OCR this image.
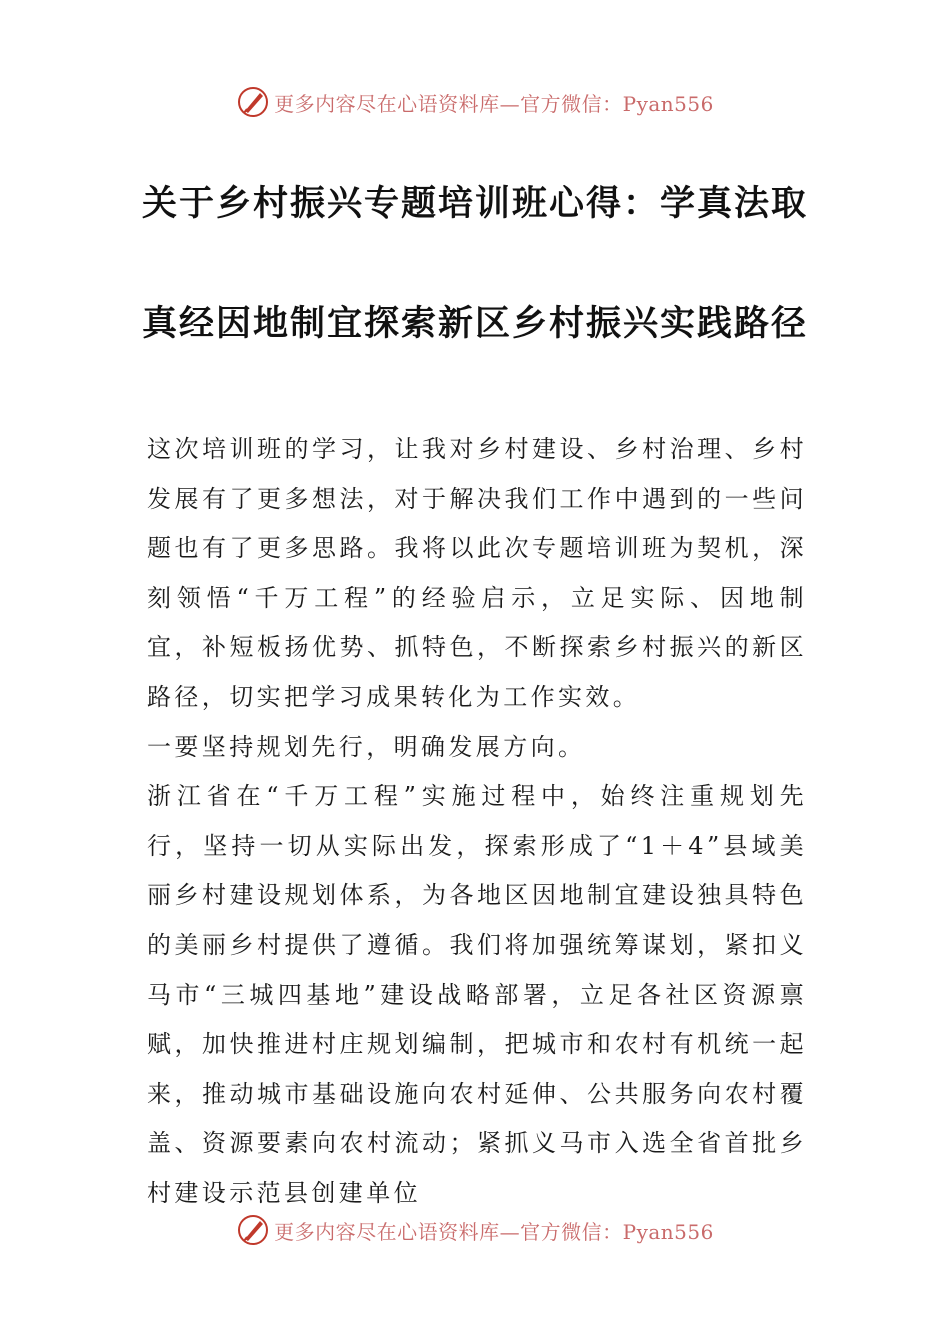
更多内容尽在心语资料库—官方微信：Pyan556
关于乡村振兴专题培训班心得：学真法取
真经因地制宜探索新区乡村振兴实践路径

这次培训班的学习，让我对乡村建设、乡村治理、乡村发展有了更多想法，对于解决我们工作中遇到的一些问题也有了更多思路。我将以此次专题培训班为契机，深刻领悟“千万工程”的经验启示，立足实际、因地制宜，补短板扬优势、抓特色，不断探索乡村振兴的新区路径，切实把学习成果转化为工作实效。

一要坚持规划先行，明确发展方向。

浙江省在“千万工程”实施过程中，始终注重规划先行，坚持一切从实际出发，探索形成了“1＋4”县域美丽乡村建设规划体系，为各地区因地制宜建设独具特色的美丽乡村提供了遵循。我们将加强统筹谋划，紧扣义马市“三城四基地”建设战略部署，立足各社区资源禀赋，加快推进村庄规划编制，把城市和农村有机统一起来，推动城市基础设施向农村延伸、公共服务向农村覆盖、资源要素向农村流动；紧抓义马市入选全省首批乡村建设示范县创建单位

更多内容尽在心语资料库—官方微信：Pyan556
